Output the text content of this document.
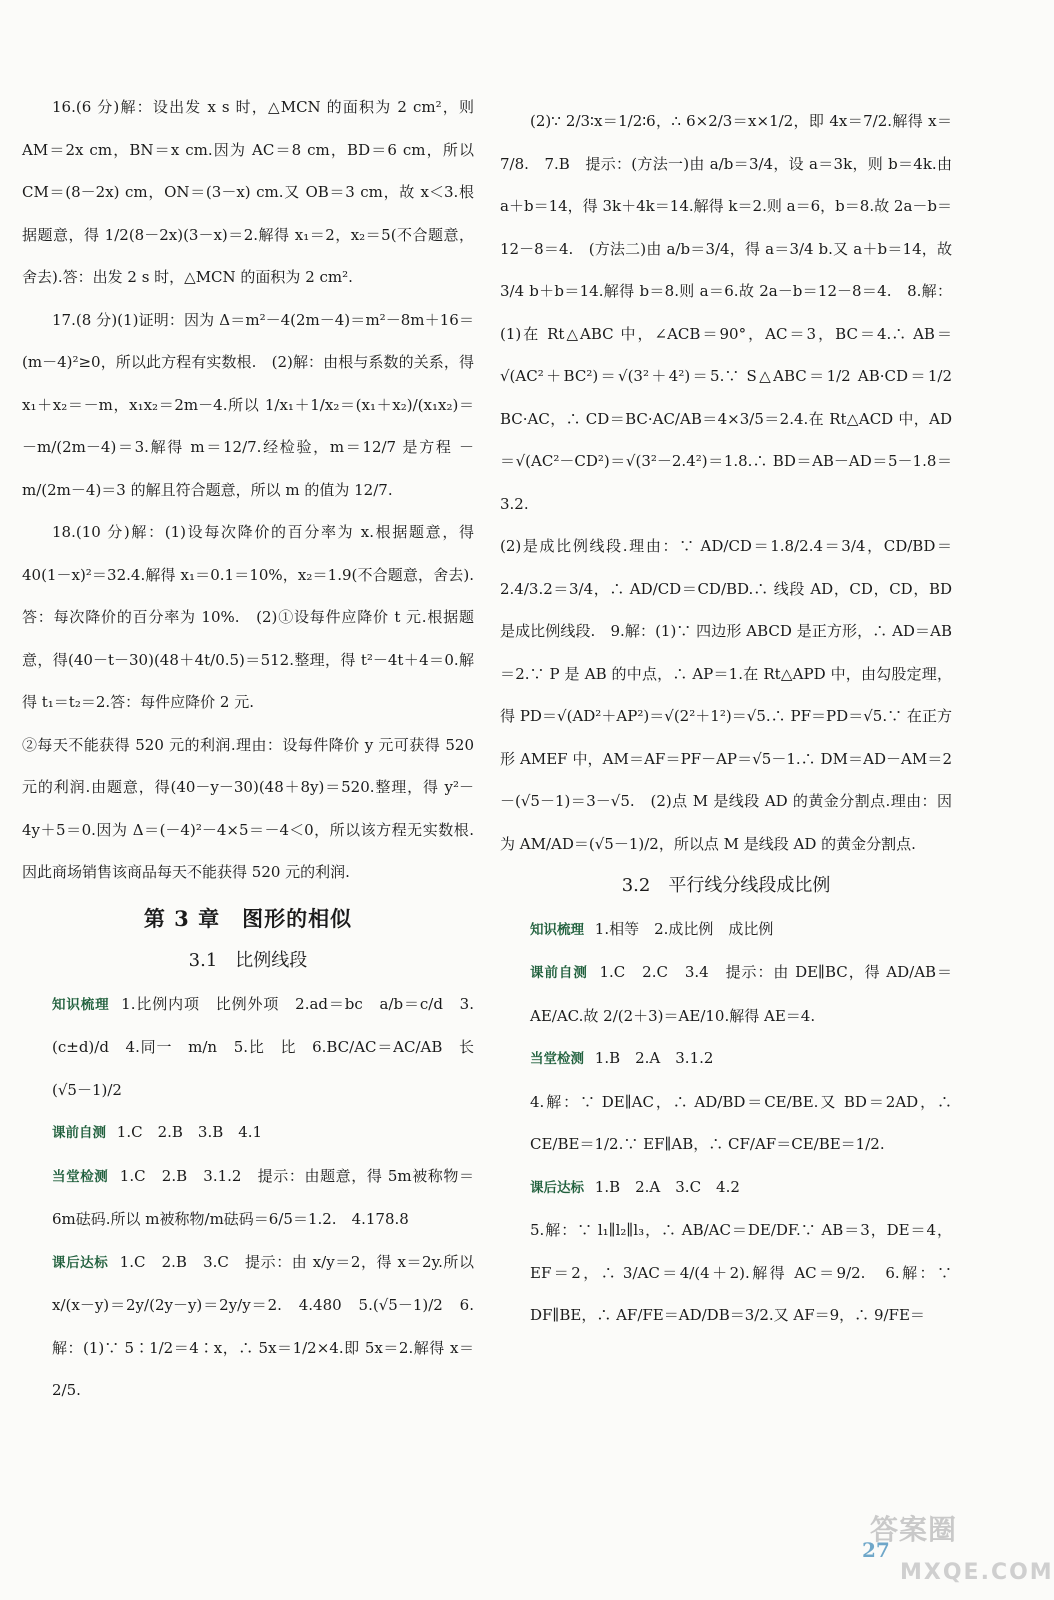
16.(6 分)解：设出发 x s 时，△MCN 的面积为 2 cm²，则 AM＝2x cm，BN＝x cm.因为 AC＝8 cm，BD＝6 cm，所以 CM＝(8－2x) cm，ON＝(3－x) cm.又 OB＝3 cm，故 x＜3.根据题意，得 1/2(8－2x)(3－x)＝2.解得 x₁＝2，x₂＝5(不合题意，舍去).答：出发 2 s 时，△MCN 的面积为 2 cm².

17.(8 分)(1)证明：因为 Δ＝m²－4(2m－4)＝m²－8m＋16＝(m－4)²≥0，所以此方程有实数根.　(2)解：由根与系数的关系，得 x₁＋x₂＝－m，x₁x₂＝2m－4.所以 1/x₁＋1/x₂＝(x₁＋x₂)/(x₁x₂)＝－m/(2m－4)＝3.解得 m＝12/7.经检验，m＝12/7 是方程 －m/(2m－4)＝3 的解且符合题意，所以 m 的值为 12/7.

18.(10 分)解：(1)设每次降价的百分率为 x.根据题意，得 40(1－x)²＝32.4.解得 x₁＝0.1＝10%，x₂＝1.9(不合题意，舍去).答：每次降价的百分率为 10%.　(2)①设每件应降价 t 元.根据题意，得(40－t－30)(48＋4t/0.5)＝512.整理，得 t²－4t＋4＝0.解得 t₁＝t₂＝2.答：每件应降价 2 元.

②每天不能获得 520 元的利润.理由：设每件降价 y 元可获得 520 元的利润.由题意，得(40－y－30)(48＋8y)＝520.整理，得 y²－4y＋5＝0.因为 Δ＝(－4)²－4×5＝－4＜0，所以该方程无实数根.因此商场销售该商品每天不能获得 520 元的利润.

第 3 章　图形的相似

3.1　比例线段

知识梳理 1.比例内项　比例外项　2.ad＝bc　a/b＝c/d　3.(c±d)/d　4.同一　m/n　5.比　比　6.BC/AC＝AC/AB　长　(√5－1)/2

课前自测 1.C　2.B　3.B　4.1

当堂检测 1.C　2.B　3.1.2　提示：由题意，得 5m被称物＝6m砝码.所以 m被称物/m砝码＝6/5＝1.2.　4.178.8

课后达标 1.C　2.B　3.C　提示：由 x/y＝2，得 x＝2y.所以 x/(x－y)＝2y/(2y－y)＝2y/y＝2.　4.480　5.(√5－1)/2　6.解：(1)∵ 5∶1/2＝4∶x，∴ 5x＝1/2×4.即 5x＝2.解得 x＝2/5.

(2)∵ 2/3∶x＝1/2∶6，∴ 6×2/3＝x×1/2，即 4x＝7/2.解得 x＝7/8.　7.B　提示：(方法一)由 a/b＝3/4，设 a＝3k，则 b＝4k.由 a＋b＝14，得 3k＋4k＝14.解得 k＝2.则 a＝6，b＝8.故 2a－b＝12－8＝4.　(方法二)由 a/b＝3/4，得 a＝3/4 b.又 a＋b＝14，故 3/4 b＋b＝14.解得 b＝8.则 a＝6.故 2a－b＝12－8＝4.　8.解：(1)在 Rt△ABC 中，∠ACB＝90°，AC＝3，BC＝4.∴ AB＝√(AC²＋BC²)＝√(3²＋4²)＝5.∵ S△ABC＝1/2 AB·CD＝1/2 BC·AC，∴ CD＝BC·AC/AB＝4×3/5＝2.4.在 Rt△ACD 中，AD＝√(AC²－CD²)＝√(3²－2.4²)＝1.8.∴ BD＝AB－AD＝5－1.8＝3.2.

(2)是成比例线段.理由：∵ AD/CD＝1.8/2.4＝3/4，CD/BD＝2.4/3.2＝3/4，∴ AD/CD＝CD/BD.∴ 线段 AD，CD，CD，BD 是成比例线段.　9.解：(1)∵ 四边形 ABCD 是正方形，∴ AD＝AB＝2.∵ P 是 AB 的中点，∴ AP＝1.在 Rt△APD 中，由勾股定理，得 PD＝√(AD²＋AP²)＝√(2²＋1²)＝√5.∴ PF＝PD＝√5.∵ 在正方形 AMEF 中，AM＝AF＝PF－AP＝√5－1.∴ DM＝AD－AM＝2－(√5－1)＝3－√5.　(2)点 M 是线段 AD 的黄金分割点.理由：因为 AM/AD＝(√5－1)/2，所以点 M 是线段 AD 的黄金分割点.

3.2　平行线分线段成比例

知识梳理 1.相等　2.成比例　成比例

课前自测 1.C　2.C　3.4　提示：由 DE∥BC，得 AD/AB＝AE/AC.故 2/(2＋3)＝AE/10.解得 AE＝4.

当堂检测 1.B　2.A　3.1.2

4.解：∵ DE∥AC，∴ AD/BD＝CE/BE.又 BD＝2AD，∴ CE/BE＝1/2.∵ EF∥AB，∴ CF/AF＝CE/BE＝1/2.

课后达标 1.B　2.A　3.C　4.2

5.解：∵ l₁∥l₂∥l₃，∴ AB/AC＝DE/DF.∵ AB＝3，DE＝4，EF＝2，∴ 3/AC＝4/(4＋2).解得 AC＝9/2.　6.解：∵ DF∥BE，∴ AF/FE＝AD/DB＝3/2.又 AF＝9，∴ 9/FE＝

27
答案圈
MXQE.COM
